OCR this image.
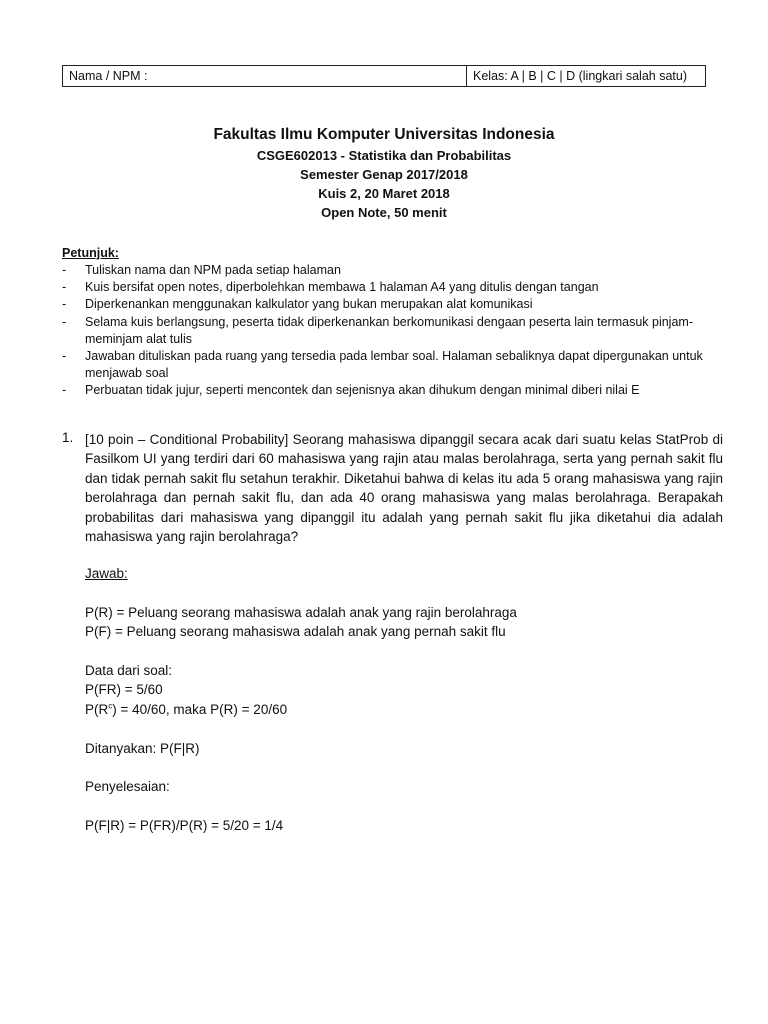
Nama / NPM :	Kelas: A | B | C | D (lingkari salah satu)
Fakultas Ilmu Komputer Universitas Indonesia
CSGE602013 - Statistika dan Probabilitas
Semester Genap 2017/2018
Kuis 2, 20 Maret 2018
Open Note, 50 menit
Petunjuk:
- Tuliskan nama dan NPM pada setiap halaman
- Kuis bersifat open notes, diperbolehkan membawa 1 halaman A4 yang ditulis dengan tangan
- Diperkenankan menggunakan kalkulator yang bukan merupakan alat komunikasi
- Selama kuis berlangsung, peserta tidak diperkenankan berkomunikasi dengaan peserta lain termasuk pinjam-meminjam alat tulis
- Jawaban dituliskan pada ruang yang tersedia pada lembar soal. Halaman sebaliknya dapat dipergunakan untuk menjawab soal
- Perbuatan tidak jujur, seperti mencontek dan sejenisnya akan dihukum dengan minimal diberi nilai E
1. [10 poin – Conditional Probability] Seorang mahasiswa dipanggil secara acak dari suatu kelas StatProb di Fasilkom UI yang terdiri dari 60 mahasiswa yang rajin atau malas berolahraga, serta yang pernah sakit flu dan tidak pernah sakit flu setahun terakhir. Diketahui bahwa di kelas itu ada 5 orang mahasiswa yang rajin berolahraga dan pernah sakit flu, dan ada 40 orang mahasiswa yang malas berolahraga. Berapakah probabilitas dari mahasiswa yang dipanggil itu adalah yang pernah sakit flu jika diketahui dia adalah mahasiswa yang rajin berolahraga?
Jawab:
P(R) = Peluang seorang mahasiswa adalah anak yang rajin berolahraga
P(F) = Peluang seorang mahasiswa adalah anak yang pernah sakit flu
Data dari soal:
P(FR) = 5/60
$P(R^c) = 40/60$, maka P(R) = 20/60
Ditanyakan: P(F|R)
Penyelesaian:
P(F|R) = P(FR)/P(R) = 5/20 = 1/4
